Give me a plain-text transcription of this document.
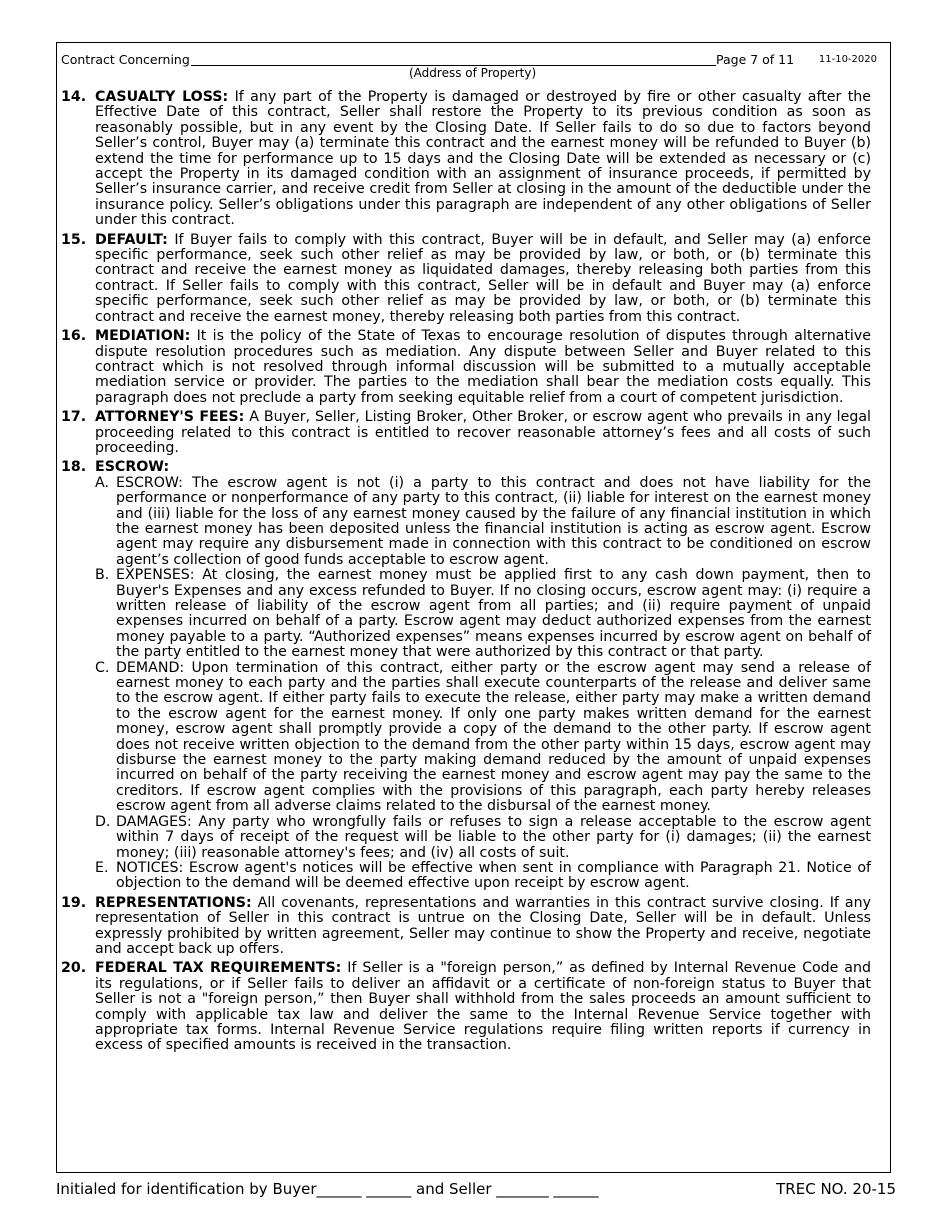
Contract Concerning	Page 7 of 11 11-10-2020
(Address of Property)
14. CASUALTY LOSS: If any part of the Property is damaged or destroyed by fire or other casualty after the Effective Date of this contract, Seller shall restore the Property to its previous condition as soon as reasonably possible, but in any event by the Closing Date. If Seller fails to do so due to factors beyond Seller’s control, Buyer may (a) terminate this contract and the earnest money will be refunded to Buyer (b) extend the time for performance up to 15 days and the Closing Date will be extended as necessary or (c) accept the Property in its damaged condition with an assignment of insurance proceeds, if permitted by Seller’s insurance carrier, and receive credit from Seller at closing in the amount of the deductible under the insurance policy. Seller’s obligations under this paragraph are independent of any other obligations of Seller under this contract.
15. DEFAULT: If Buyer fails to comply with this contract, Buyer will be in default, and Seller may (a) enforce specific performance, seek such other relief as may be provided by law, or both, or (b) terminate this contract and receive the earnest money as liquidated damages, thereby releasing both parties from this contract. If Seller fails to comply with this contract, Seller will be in default and Buyer may (a) enforce specific performance, seek such other relief as may be provided by law, or both, or (b) terminate this contract and receive the earnest money, thereby releasing both parties from this contract.
16. MEDIATION: It is the policy of the State of Texas to encourage resolution of disputes through alternative dispute resolution procedures such as mediation. Any dispute between Seller and Buyer related to this contract which is not resolved through informal discussion will be submitted to a mutually acceptable mediation service or provider. The parties to the mediation shall bear the mediation costs equally. This paragraph does not preclude a party from seeking equitable relief from a court of competent jurisdiction.
17. ATTORNEY'S FEES: A Buyer, Seller, Listing Broker, Other Broker, or escrow agent who prevails in any legal proceeding related to this contract is entitled to recover reasonable attorney’s fees and all costs of such proceeding.
18. ESCROW:
A. ESCROW: The escrow agent is not (i) a party to this contract and does not have liability for the performance or nonperformance of any party to this contract, (ii) liable for interest on the earnest money and (iii) liable for the loss of any earnest money caused by the failure of any financial institution in which the earnest money has been deposited unless the financial institution is acting as escrow agent. Escrow agent may require any disbursement made in connection with this contract to be conditioned on escrow agent’s collection of good funds acceptable to escrow agent.
B. EXPENSES: At closing, the earnest money must be applied first to any cash down payment, then to Buyer's Expenses and any excess refunded to Buyer. If no closing occurs, escrow agent may: (i) require a written release of liability of the escrow agent from all parties; and (ii) require payment of unpaid expenses incurred on behalf of a party. Escrow agent may deduct authorized expenses from the earnest money payable to a party. “Authorized expenses” means expenses incurred by escrow agent on behalf of the party entitled to the earnest money that were authorized by this contract or that party.
C. DEMAND: Upon termination of this contract, either party or the escrow agent may send a release of earnest money to each party and the parties shall execute counterparts of the release and deliver same to the escrow agent. If either party fails to execute the release, either party may make a written demand to the escrow agent for the earnest money. If only one party makes written demand for the earnest money, escrow agent shall promptly provide a copy of the demand to the other party. If escrow agent does not receive written objection to the demand from the other party within 15 days, escrow agent may disburse the earnest money to the party making demand reduced by the amount of unpaid expenses incurred on behalf of the party receiving the earnest money and escrow agent may pay the same to the creditors. If escrow agent complies with the provisions of this paragraph, each party hereby releases escrow agent from all adverse claims related to the disbursal of the earnest money.
D. DAMAGES: Any party who wrongfully fails or refuses to sign a release acceptable to the escrow agent within 7 days of receipt of the request will be liable to the other party for (i) damages; (ii) the earnest money; (iii) reasonable attorney's fees; and (iv) all costs of suit.
E. NOTICES: Escrow agent's notices will be effective when sent in compliance with Paragraph 21. Notice of objection to the demand will be deemed effective upon receipt by escrow agent.
19. REPRESENTATIONS: All covenants, representations and warranties in this contract survive closing. If any representation of Seller in this contract is untrue on the Closing Date, Seller will be in default. Unless expressly prohibited by written agreement, Seller may continue to show the Property and receive, negotiate and accept back up offers.
20. FEDERAL TAX REQUIREMENTS: If Seller is a "foreign person,” as defined by Internal Revenue Code and its regulations, or if Seller fails to deliver an affidavit or a certificate of non-foreign status to Buyer that Seller is not a "foreign person,” then Buyer shall withhold from the sales proceeds an amount sufficient to comply with applicable tax law and deliver the same to the Internal Revenue Service together with appropriate tax forms. Internal Revenue Service regulations require filing written reports if currency in excess of specified amounts is received in the transaction.
Initialed for identification by Buyer______ ______ and Seller _______ ______	TREC NO. 20-15
